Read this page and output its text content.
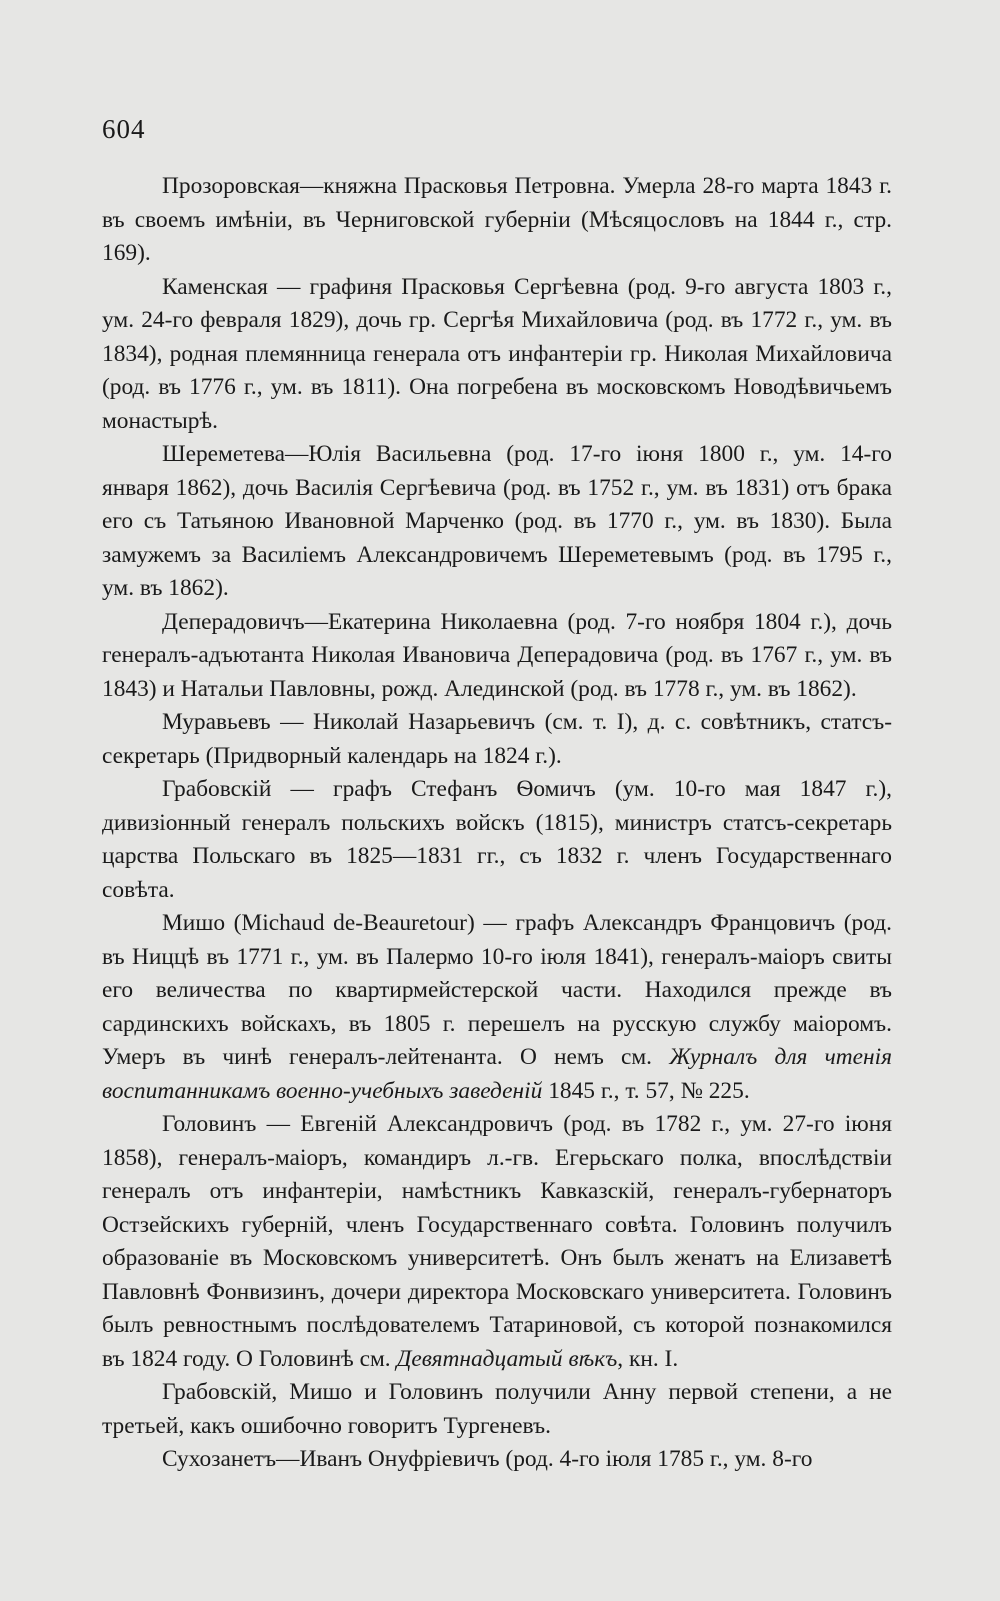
604

Прозоровская—княжна Прасковья Петровна. Умерла 28-го марта 1843 г. въ своемъ имѣніи, въ Черниговской губерніи (Мѣсяцословъ на 1844 г., стр. 169).

Каменская — графиня Прасковья Сергѣевна (род. 9-го августа 1803 г., ум. 24-го февраля 1829), дочь гр. Сергѣя Михайловича (род. въ 1772 г., ум. въ 1834), родная племянница генерала отъ инфантеріи гр. Николая Михайловича (род. въ 1776 г., ум. въ 1811). Она погребена въ московскомъ Новодѣвичьемъ монастырѣ.

Шереметева—Юлія Васильевна (род. 17-го іюня 1800 г., ум. 14-го января 1862), дочь Василія Сергѣевича (род. въ 1752 г., ум. въ 1831) отъ брака его съ Татьяною Ивановной Марченко (род. въ 1770 г., ум. въ 1830). Была замужемъ за Василіемъ Александровичемъ Шереметевымъ (род. въ 1795 г., ум. въ 1862).

Деперадовичъ—Екатерина Николаевна (род. 7-го ноября 1804 г.), дочь генералъ-адъютанта Николая Ивановича Деперадовича (род. въ 1767 г., ум. въ 1843) и Натальи Павловны, рожд. Алединской (род. въ 1778 г., ум. въ 1862).

Муравьевъ — Николай Назарьевичъ (см. т. I), д. с. совѣтникъ, статсъ-секретарь (Придворный календарь на 1824 г.).

Грабовскій — графъ Стефанъ Ѳомичъ (ум. 10-го мая 1847 г.), дивизіонный генералъ польскихъ войскъ (1815), министръ статсъ-секретарь царства Польскаго въ 1825—1831 гг., съ 1832 г. членъ Государственнаго совѣта.

Мишо (Michaud de-Beauretour) — графъ Александръ Францовичъ (род. въ Ниццѣ въ 1771 г., ум. въ Палермо 10-го іюля 1841), генералъ-маіоръ свиты его величества по квартирмейстерской части. Находился прежде въ сардинскихъ войскахъ, въ 1805 г. перешелъ на русскую службу маіоромъ. Умеръ въ чинѣ генералъ-лейтенанта. О немъ см. Журналъ для чтенія воспитанникамъ военно-учебныхъ заведеній 1845 г., т. 57, № 225.

Головинъ — Евгеній Александровичъ (род. въ 1782 г., ум. 27-го іюня 1858), генералъ-маіоръ, командиръ л.-гв. Егерьскаго полка, впослѣдствіи генералъ отъ инфантеріи, намѣстникъ Кавказскій, генералъ-губернаторъ Остзейскихъ губерній, членъ Государственнаго совѣта. Головинъ получилъ образованіе въ Московскомъ университетѣ. Онъ былъ женатъ на Елизаветѣ Павловнѣ Фонвизинъ, дочери директора Московскаго университета. Головинъ былъ ревностнымъ послѣдователемъ Татариновой, съ которой познакомился въ 1824 году. О Головинѣ см. Девятнадцатый вѣкъ, кн. I.

Грабовскій, Мишо и Головинъ получили Анну первой степени, а не третьей, какъ ошибочно говоритъ Тургеневъ.

Сухозанетъ—Иванъ Онуфріевичъ (род. 4-го іюля 1785 г., ум. 8-го
